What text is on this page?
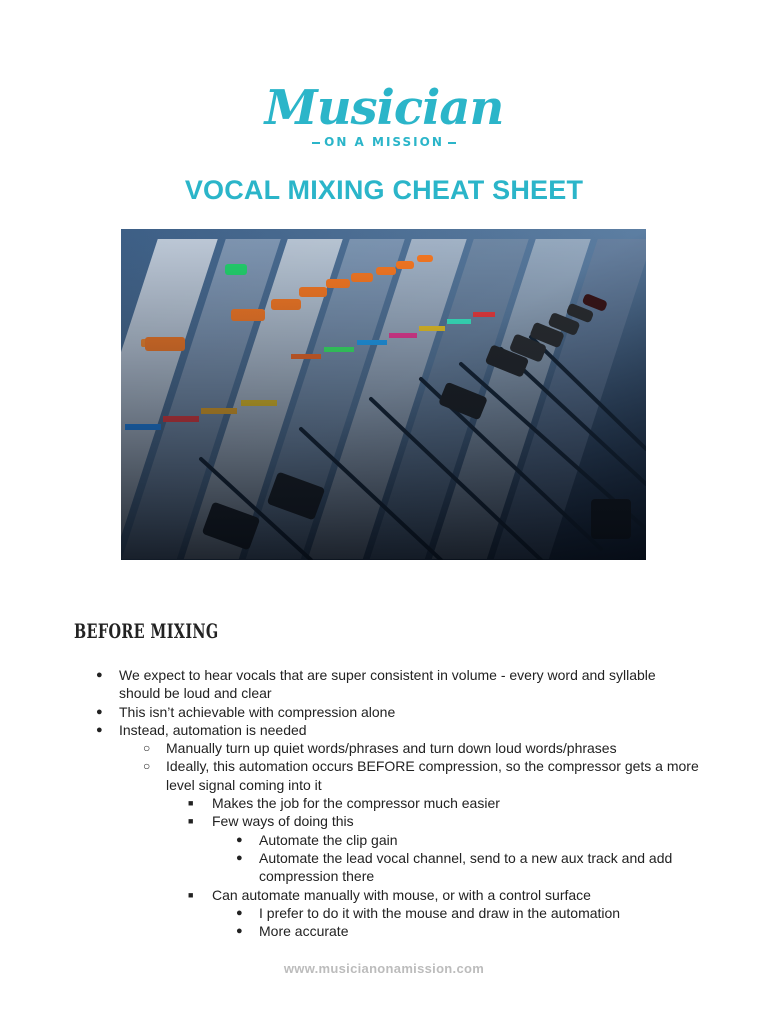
Musician
ON A MISSION
VOCAL MIXING CHEAT SHEET
BEFORE MIXING
● We expect to hear vocals that are super consistent in volume - every word and syllable should be loud and clear
● This isn’t achievable with compression alone
● Instead, automation is needed
○ Manually turn up quiet words/phrases and turn down loud words/phrases
○ Ideally, this automation occurs BEFORE compression, so the compressor gets a more level signal coming into it
■ Makes the job for the compressor much easier
■ Few ways of doing this
● Automate the clip gain
● Automate the lead vocal channel, send to a new aux track and add compression there
■ Can automate manually with mouse, or with a control surface
● I prefer to do it with the mouse and draw in the automation
● More accurate
www.musicianonamission.com
